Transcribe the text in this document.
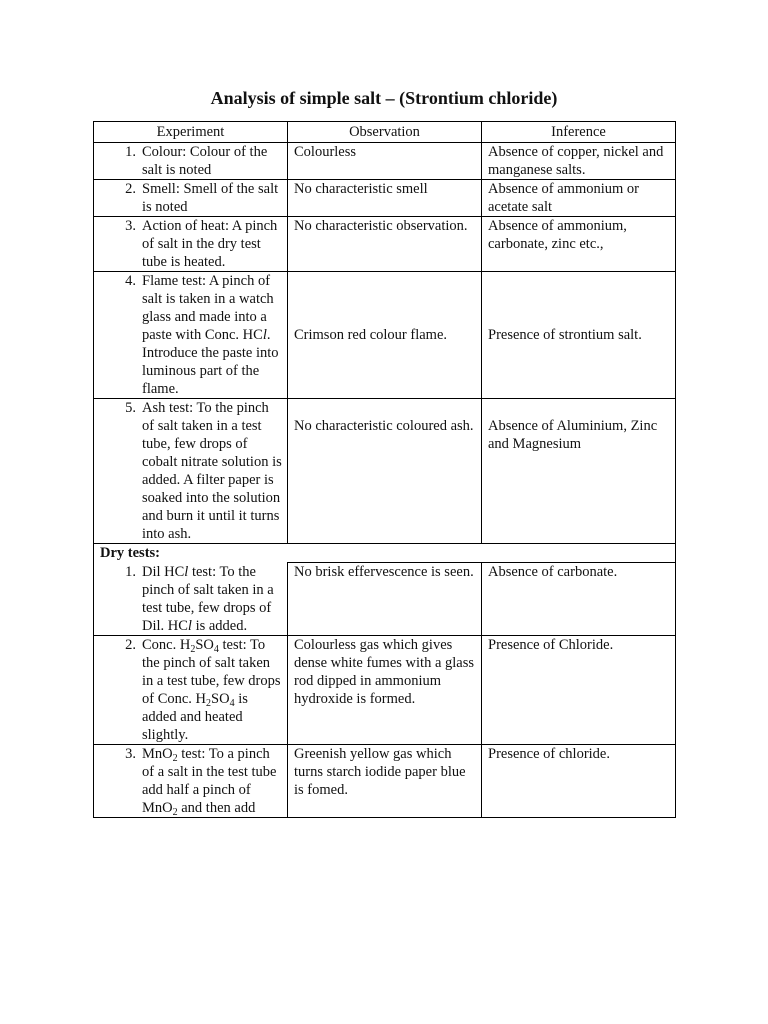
Analysis of simple salt – (Strontium chloride)
Experiment	Observation	Inference

1. Colour: Colour of the salt is noted	Colourless	Absence of copper, nickel and manganese salts.

2. Smell: Smell of the salt is noted	No characteristic smell	Absence of ammonium or acetate salt

3. Action of heat: A pinch of salt in the dry test tube is heated.	No characteristic observation.	Absence of ammonium, carbonate, zinc etc.,

4. Flame test: A pinch of salt is taken in a watch glass and made into a paste with Conc. HCl. Introduce the paste into luminous part of the flame.	Crimson red colour flame.	Presence of strontium salt.

5. Ash test: To the pinch of salt taken in a test tube, few drops of cobalt nitrate solution is added. A filter paper is soaked into the solution and burn it until it turns into ash.	No characteristic coloured ash.	Absence of Aluminium, Zinc and Magnesium
Dry tests:		

1. Dil HCl test: To the pinch of salt taken in a test tube, few drops of Dil. HCl is added.	No brisk effervescence is seen.	Absence of carbonate.

2. Conc. $H_2SO_4$ test: To the pinch of salt taken in a test tube, few drops of Conc. $H_2SO_4$ is added and heated slightly.	Colourless gas which gives dense white fumes with a glass rod dipped in ammonium hydroxide is formed.	Presence of Chloride.

3. MnO$_2$ test: To a pinch of a salt in the test tube add half a pinch of MnO$_2$ and then add	Greenish yellow gas which turns starch iodide paper blue is fomed.	Presence of chloride.
